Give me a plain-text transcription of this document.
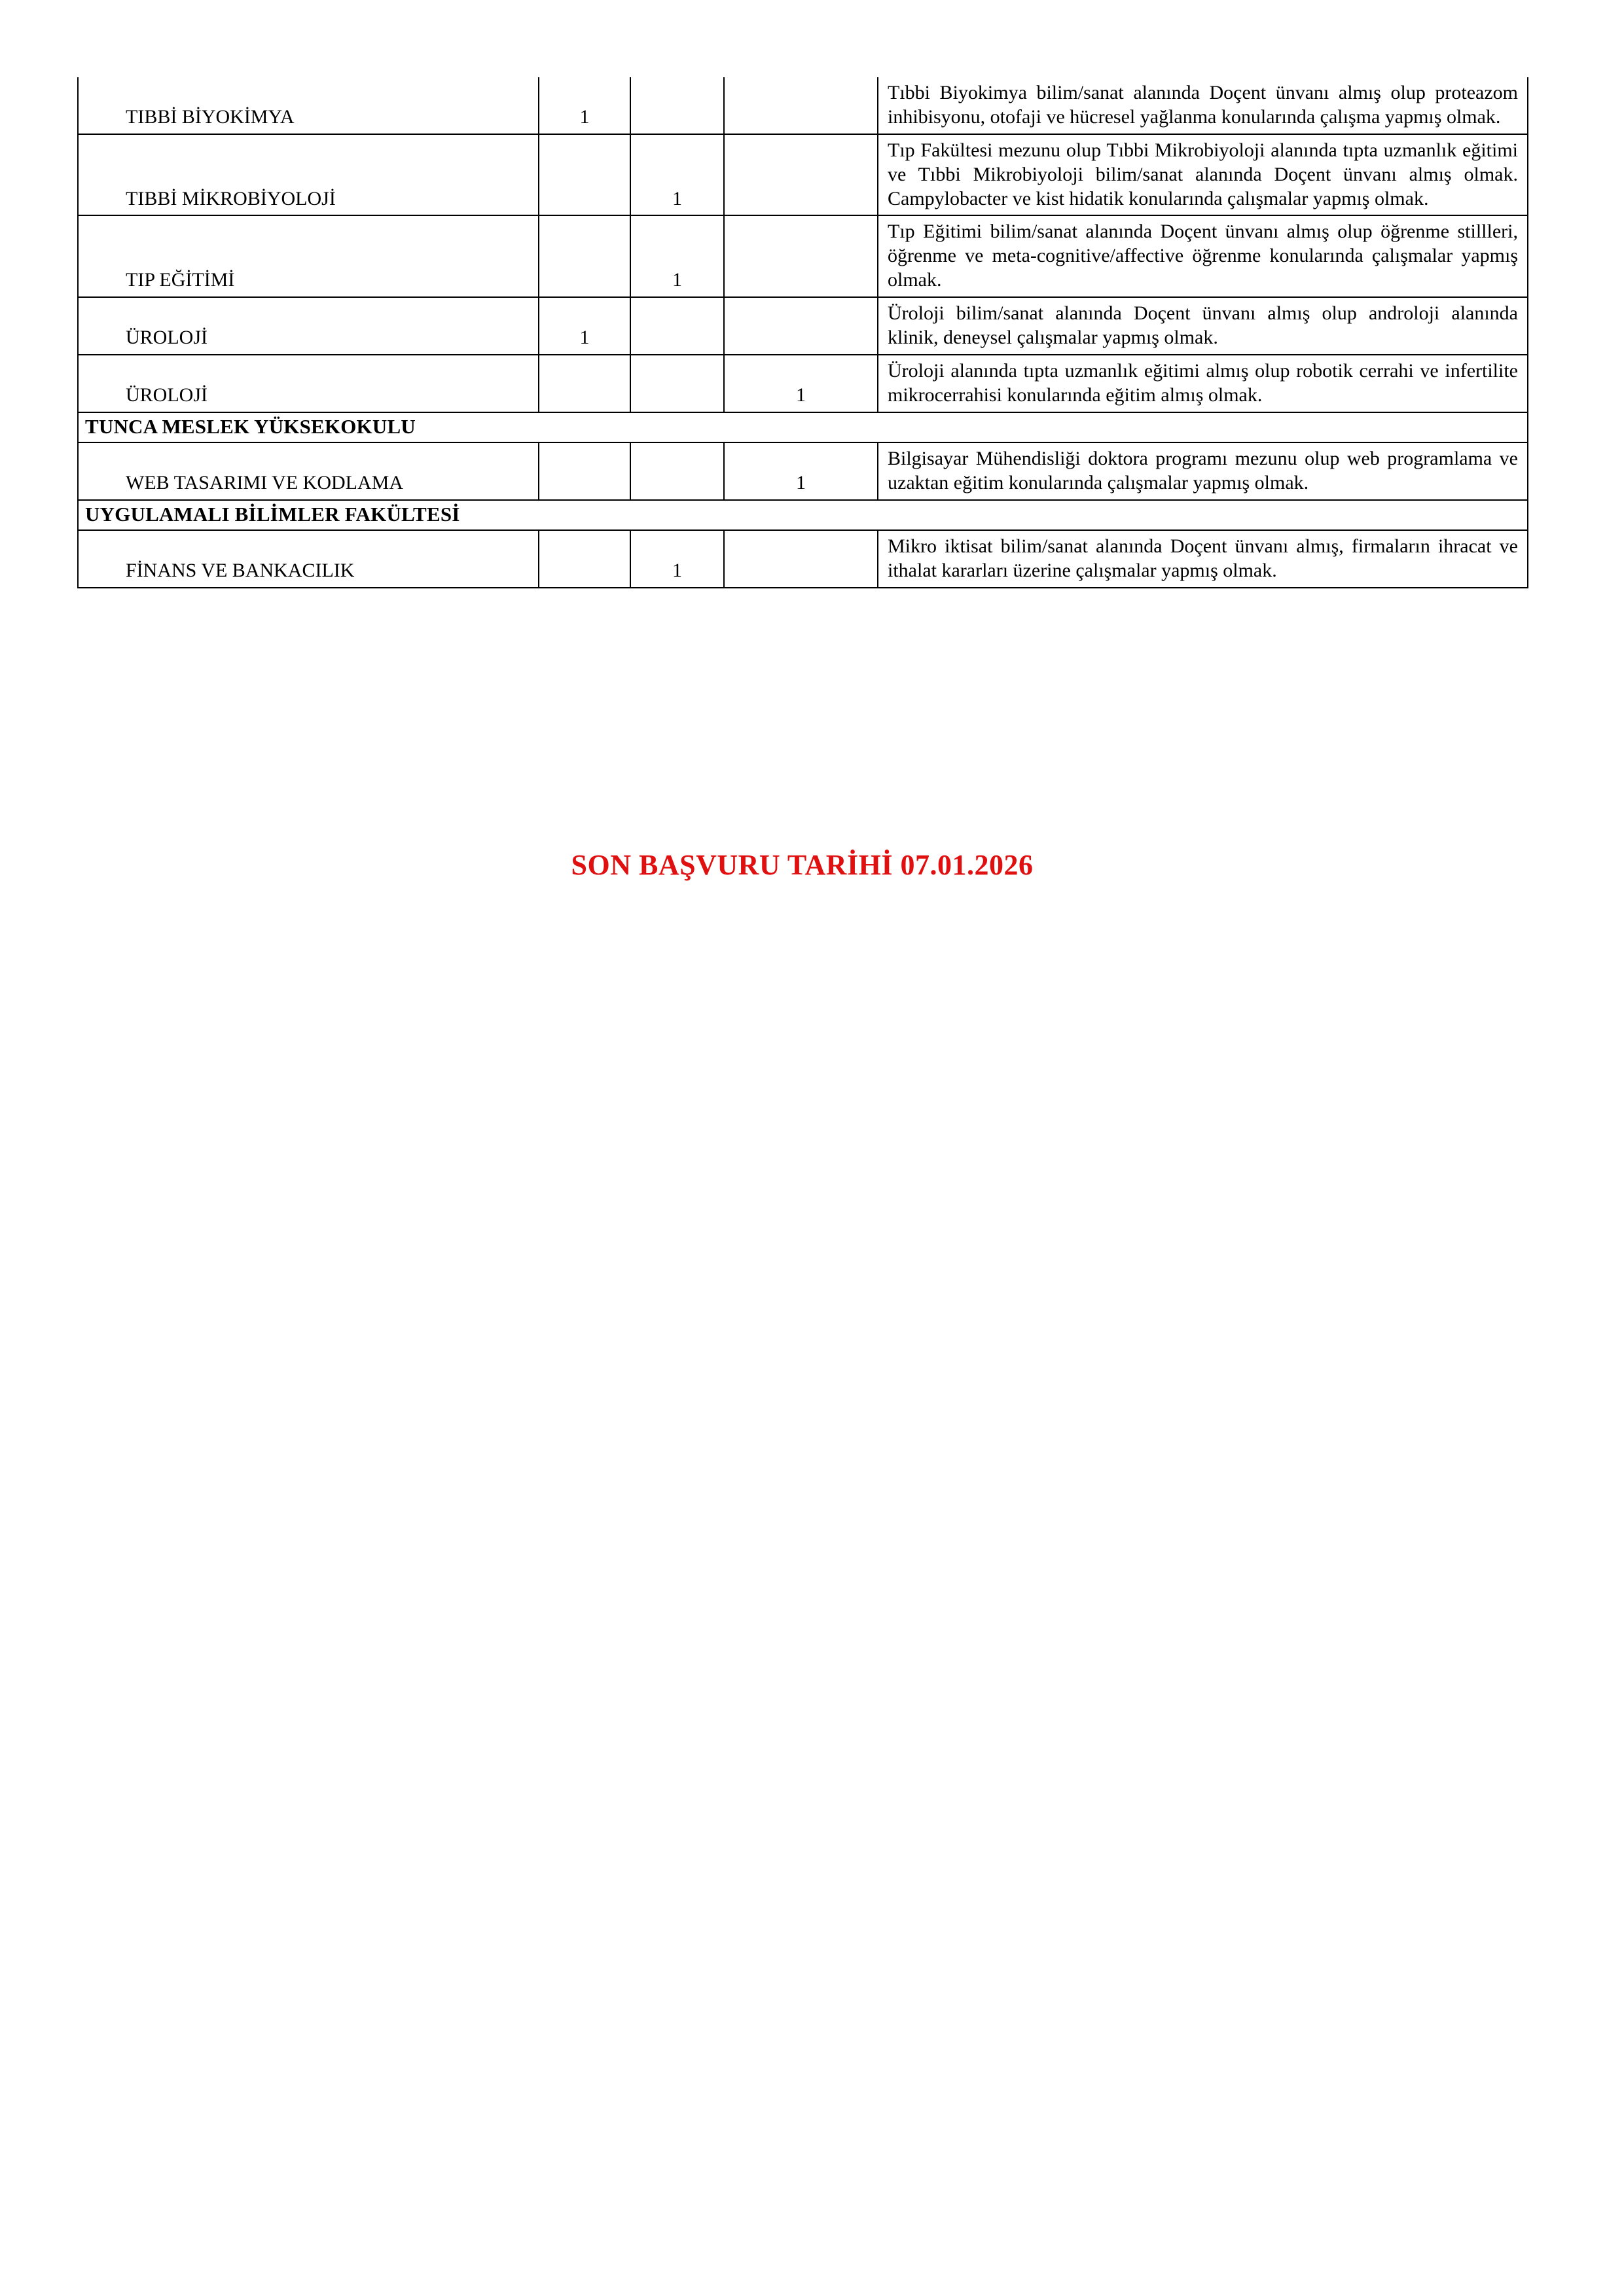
TIBBİ BİYOKİMYA	1			Tıbbi Biyokimya bilim/sanat alanında Doçent ünvanı almış olup proteazom inhibisyonu, otofaji ve hücresel yağlanma konularında çalışma yapmış olmak.

TIBBİ MİKROBİYOLOJİ		1		Tıp Fakültesi mezunu olup Tıbbi Mikrobiyoloji alanında tıpta uzmanlık eğitimi ve Tıbbi Mikrobiyoloji bilim/sanat alanında Doçent ünvanı almış olmak. Campylobacter ve kist hidatik konularında çalışmalar yapmış olmak.

TIP EĞİTİMİ		1		Tıp Eğitimi bilim/sanat alanında Doçent ünvanı almış olup öğrenme stillleri, öğrenme ve meta-cognitive/affective öğrenme konularında çalışmalar yapmış olmak.

ÜROLOJİ	1			Üroloji bilim/sanat alanında Doçent ünvanı almış olup androloji alanında klinik, deneysel çalışmalar yapmış olmak.

ÜROLOJİ			1	Üroloji alanında tıpta uzmanlık eğitimi almış olup robotik cerrahi ve infertilite mikrocerrahisi konularında eğitim almış olmak.

TUNCA MESLEK YÜKSEKOKULU				
WEB TASARIMI VE KODLAMA			1	Bilgisayar Mühendisliği doktora programı mezunu olup web programlama ve uzaktan eğitim konularında çalışmalar yapmış olmak.

UYGULAMALI BİLİMLER FAKÜLTESİ				
FİNANS VE BANKACILIK		1		Mikro iktisat bilim/sanat alanında Doçent ünvanı almış, firmaların ihracat ve ithalat kararları üzerine çalışmalar yapmış olmak.

SON BAŞVURU TARİHİ 07.01.2026
